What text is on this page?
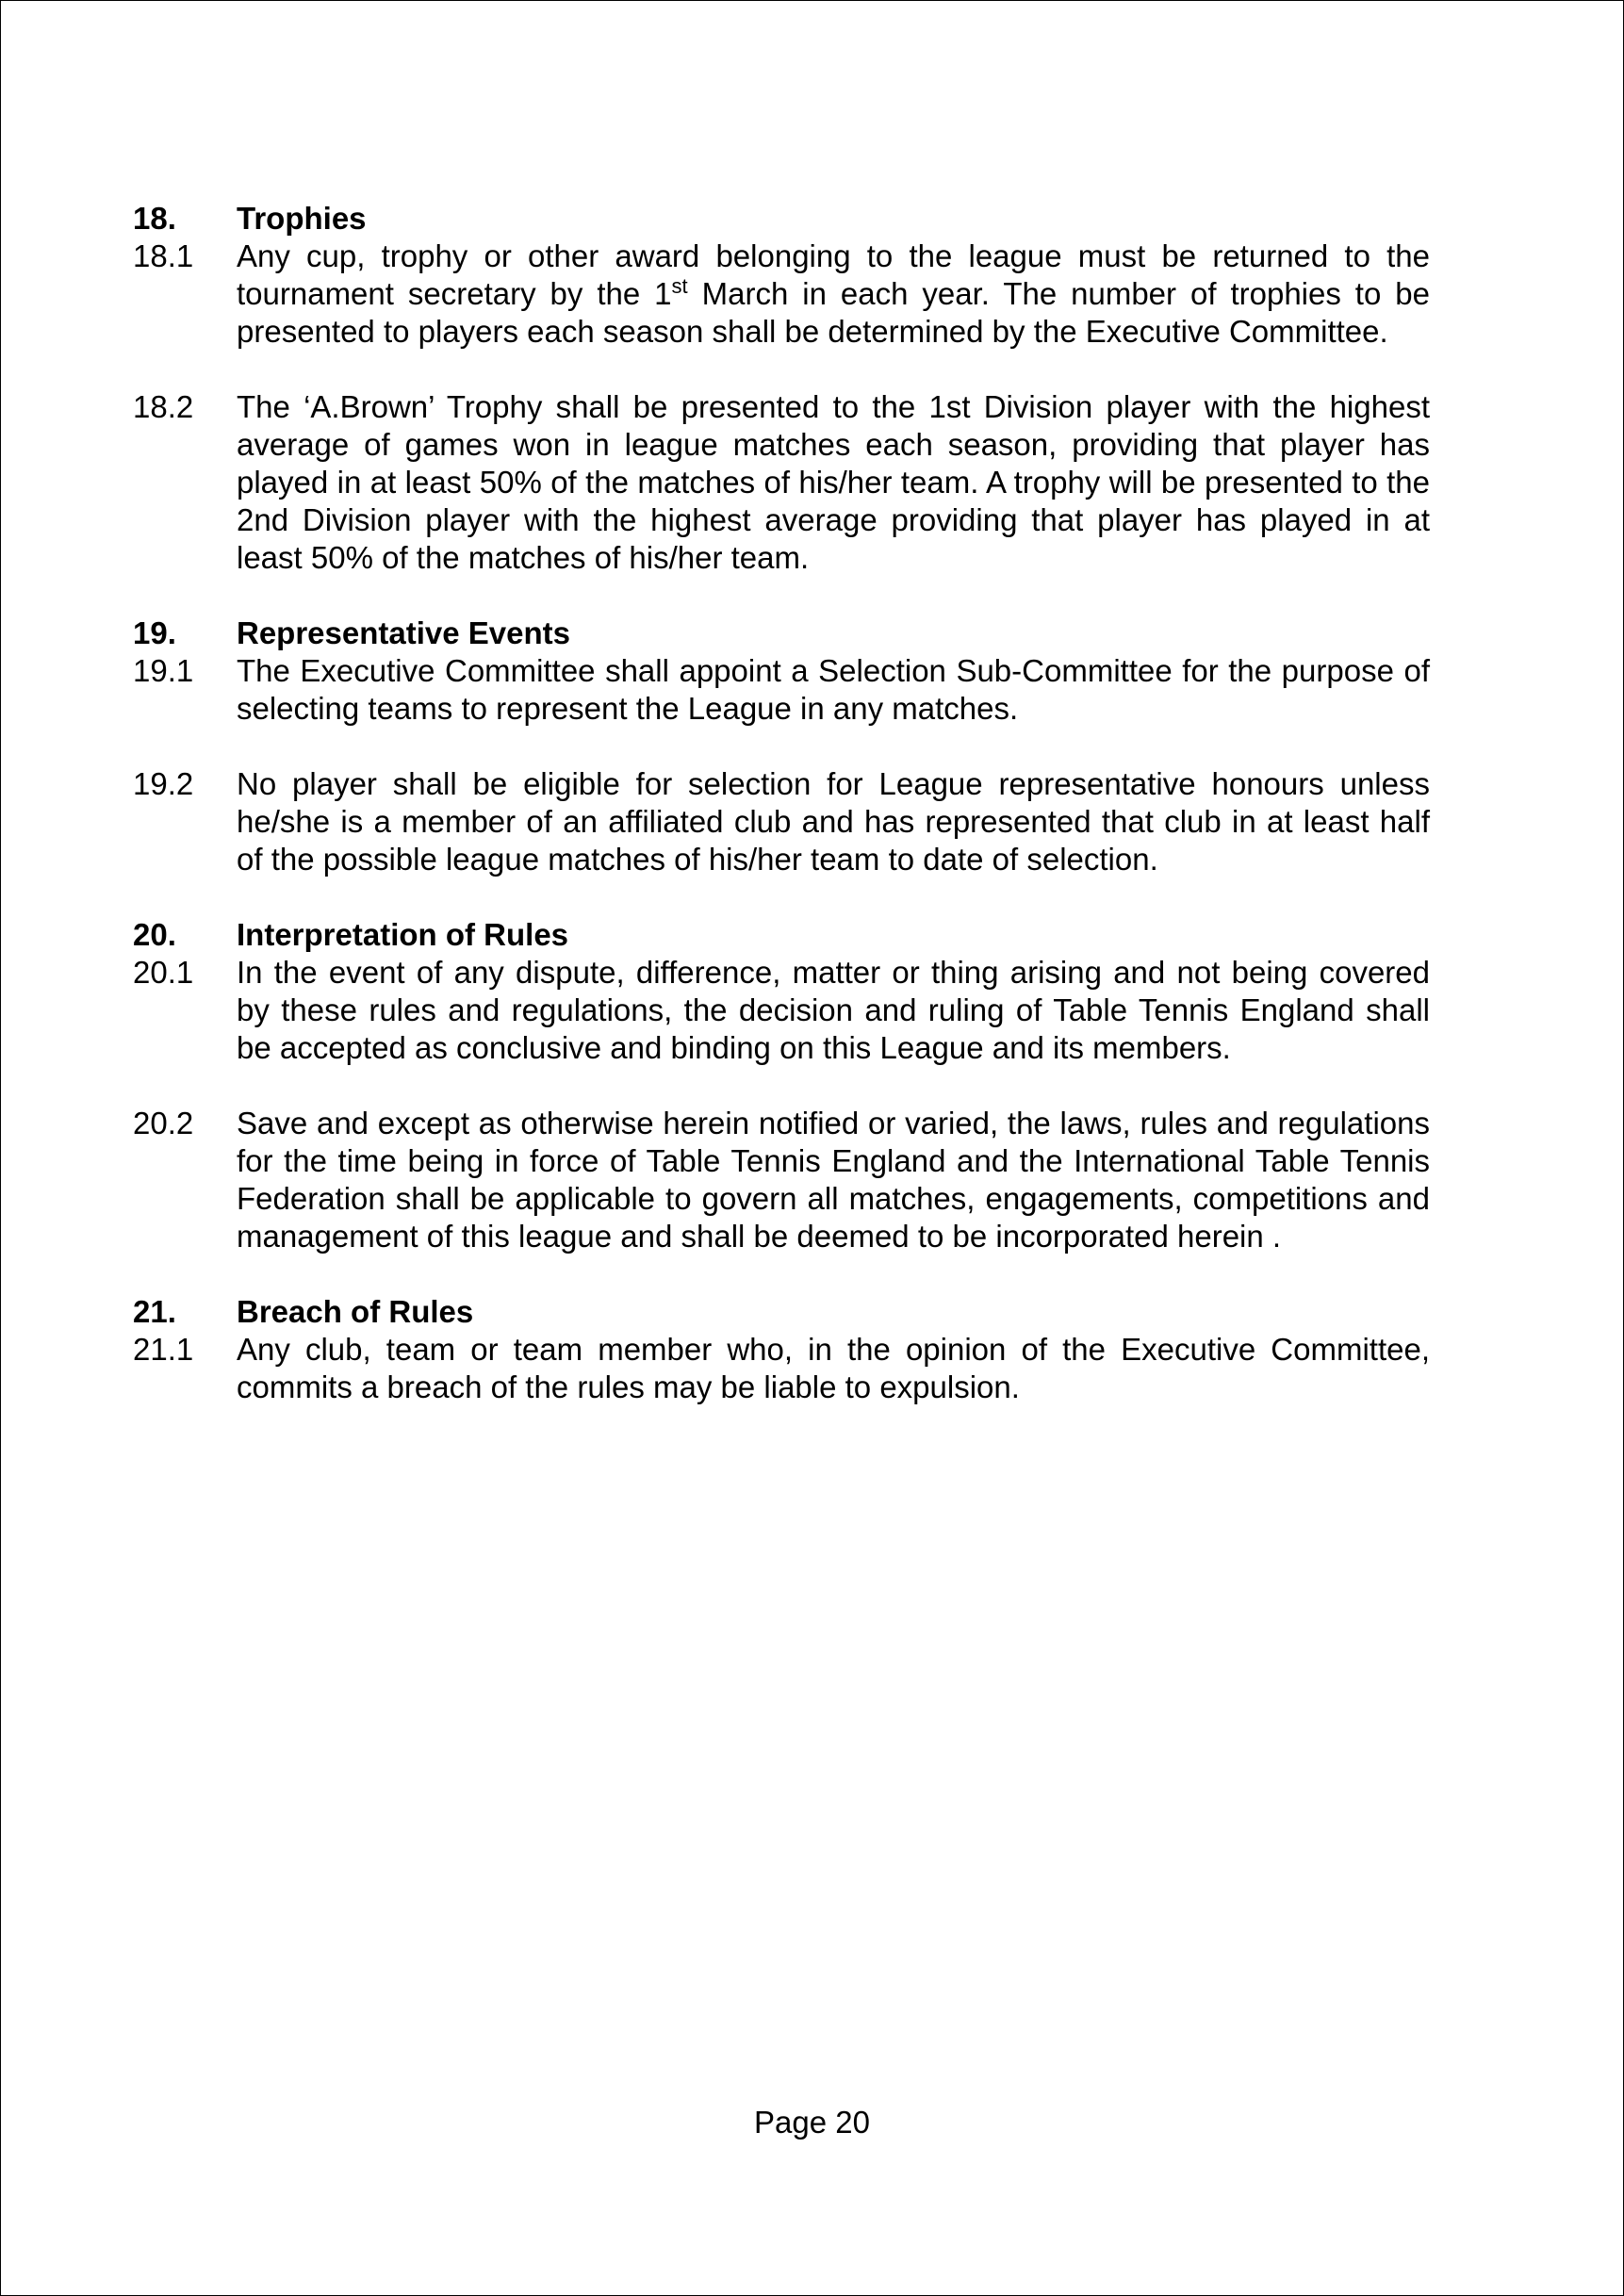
18.	Trophies
18.1	Any cup, trophy or other award belonging to the league must be returned to the tournament secretary by the 1st March in each year. The number of trophies to be presented to players each season shall be determined by the Executive Committee.
18.2	The ‘A.Brown’ Trophy shall be presented to the 1st Division player with the highest average of games won in league matches each season, providing that player has played in at least 50% of the matches of his/her team. A trophy will be presented to the 2nd Division player with the highest average providing that player has played in at least 50% of the matches of his/her team.
19.	Representative Events
19.1	The Executive Committee shall appoint a Selection Sub-Committee for the purpose of selecting teams to represent the League in any matches.
19.2	No player shall be eligible for selection for League representative honours unless he/she is a member of an affiliated club and has represented that club in at least half of the possible league matches of his/her team to date of selection.
20.	Interpretation of Rules
20.1	In the event of any dispute, difference, matter or thing arising and not being covered by these rules and regulations, the decision and ruling of Table Tennis England shall be accepted as conclusive and binding on this League and its members.
20.2	Save and except as otherwise herein notified or varied, the laws, rules and regulations for the time being in force of Table Tennis England and the International Table Tennis Federation shall be applicable to govern all matches, engagements, competitions and management of this league and shall be deemed to be incorporated herein .
21.	Breach of Rules
21.1	Any club, team or team member who, in the opinion of the Executive Committee, commits a breach of the rules may be liable to expulsion.
Page 20
